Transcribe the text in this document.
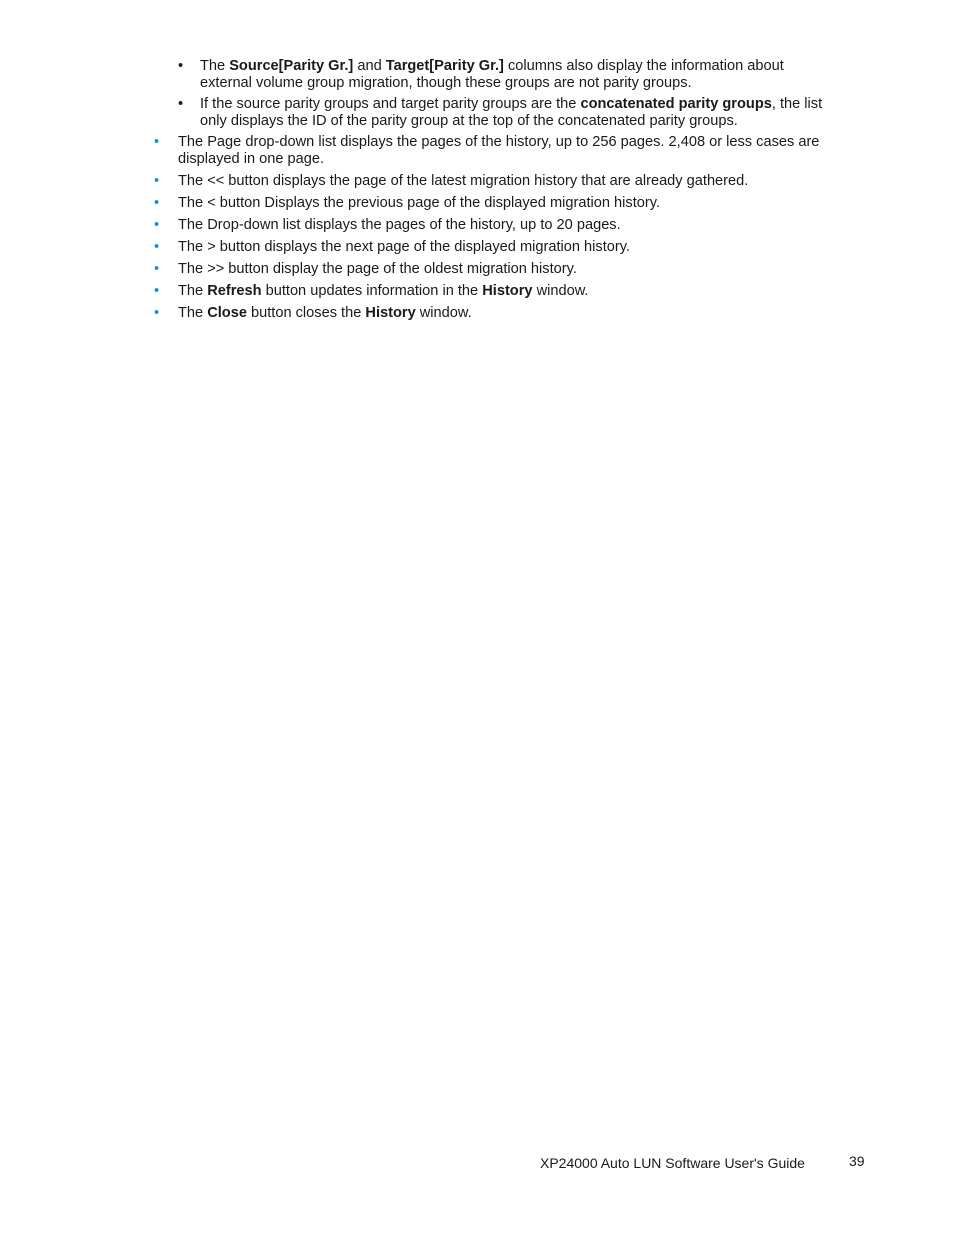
• The Source[Parity Gr.] and Target[Parity Gr.] columns also display the information about external volume group migration, though these groups are not parity groups.
• If the source parity groups and target parity groups are the concatenated parity groups, the list only displays the ID of the parity group at the top of the concatenated parity groups.
• The Page drop-down list displays the pages of the history, up to 256 pages. 2,408 or less cases are displayed in one page.
• The << button displays the page of the latest migration history that are already gathered.
• The < button Displays the previous page of the displayed migration history.
• The Drop-down list displays the pages of the history, up to 20 pages.
• The > button displays the next page of the displayed migration history.
• The >> button display the page of the oldest migration history.
• The Refresh button updates information in the History window.
• The Close button closes the History window.
XP24000 Auto LUN Software User's Guide	39
